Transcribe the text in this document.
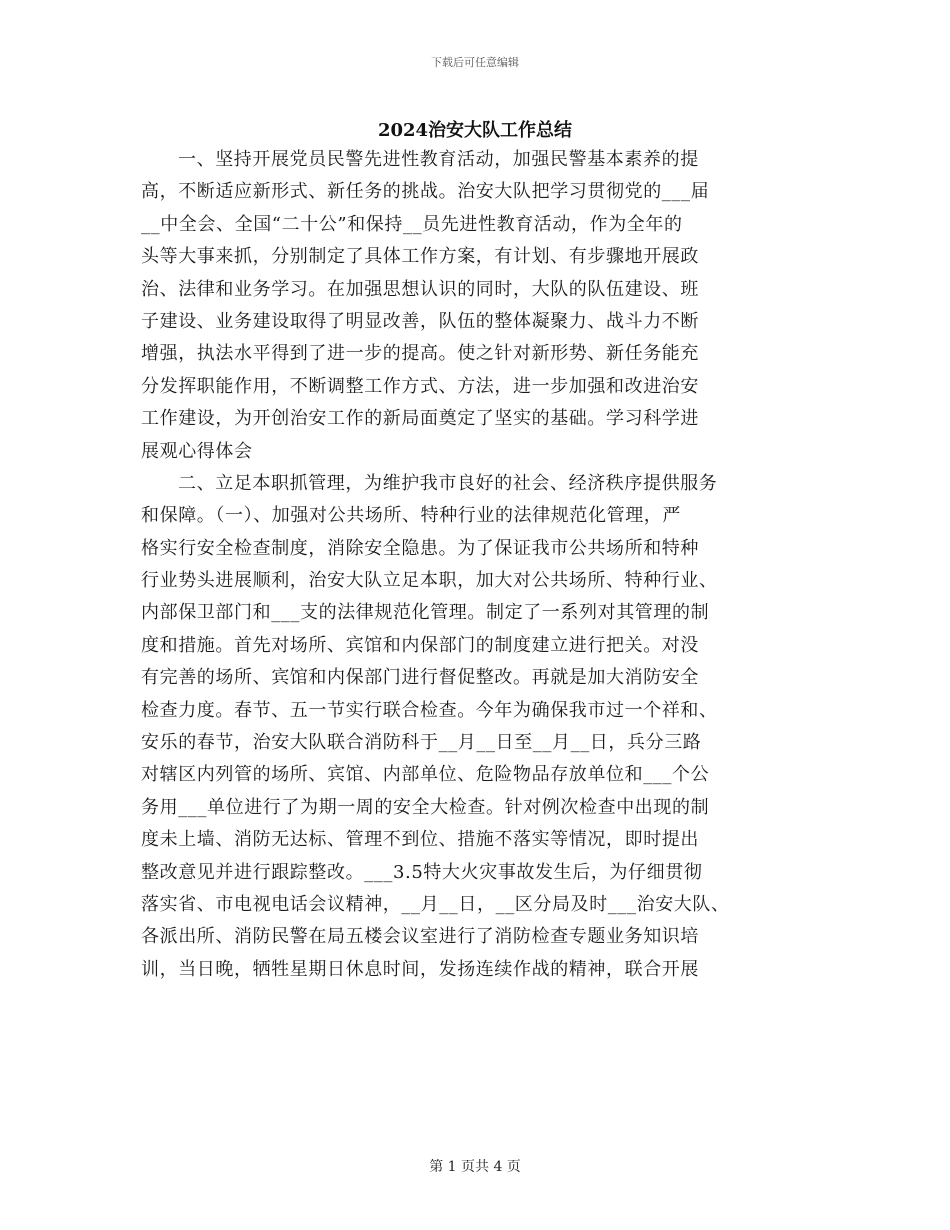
下载后可任意编辑
2024治安大队工作总结
一、坚持开展党员民警先进性教育活动，加强民警基本素养的提
高，不断适应新形式、新任务的挑战。治安大队把学习贯彻党的___届
__中全会、全国“二十公”和保持__员先进性教育活动，作为全年的
头等大事来抓，分别制定了具体工作方案，有计划、有步骤地开展政
治、法律和业务学习。在加强思想认识的同时，大队的队伍建设、班
子建设、业务建设取得了明显改善，队伍的整体凝聚力、战斗力不断
增强，执法水平得到了进一步的提高。使之针对新形势、新任务能充
分发挥职能作用，不断调整工作方式、方法，进一步加强和改进治安
工作建设，为开创治安工作的新局面奠定了坚实的基础。学习科学进
展观心得体会
二、立足本职抓管理，为维护我市良好的社会、经济秩序提供服务
和保障。（一）、加强对公共场所、特种行业的法律规范化管理，严
格实行安全检查制度，消除安全隐患。为了保证我市公共场所和特种
行业势头进展顺利，治安大队立足本职，加大对公共场所、特种行业、
内部保卫部门和___支的法律规范化管理。制定了一系列对其管理的制
度和措施。首先对场所、宾馆和内保部门的制度建立进行把关。对没
有完善的场所、宾馆和内保部门进行督促整改。再就是加大消防安全
检查力度。春节、五一节实行联合检查。今年为确保我市过一个祥和、
安乐的春节，治安大队联合消防科于__月__日至__月__日，兵分三路
对辖区内列管的场所、宾馆、内部单位、危险物品存放单位和___个公
务用___单位进行了为期一周的安全大检查。针对例次检查中出现的制
度未上墙、消防无达标、管理不到位、措施不落实等情况，即时提出
整改意见并进行跟踪整改。___3.5特大火灾事故发生后，为仔细贯彻
落实省、市电视电话会议精神，__月__日，__区分局及时___治安大队、
各派出所、消防民警在局五楼会议室进行了消防检查专题业务知识培
训，当日晚，牺牲星期日休息时间，发扬连续作战的精神，联合开展
第 1 页共 4 页
